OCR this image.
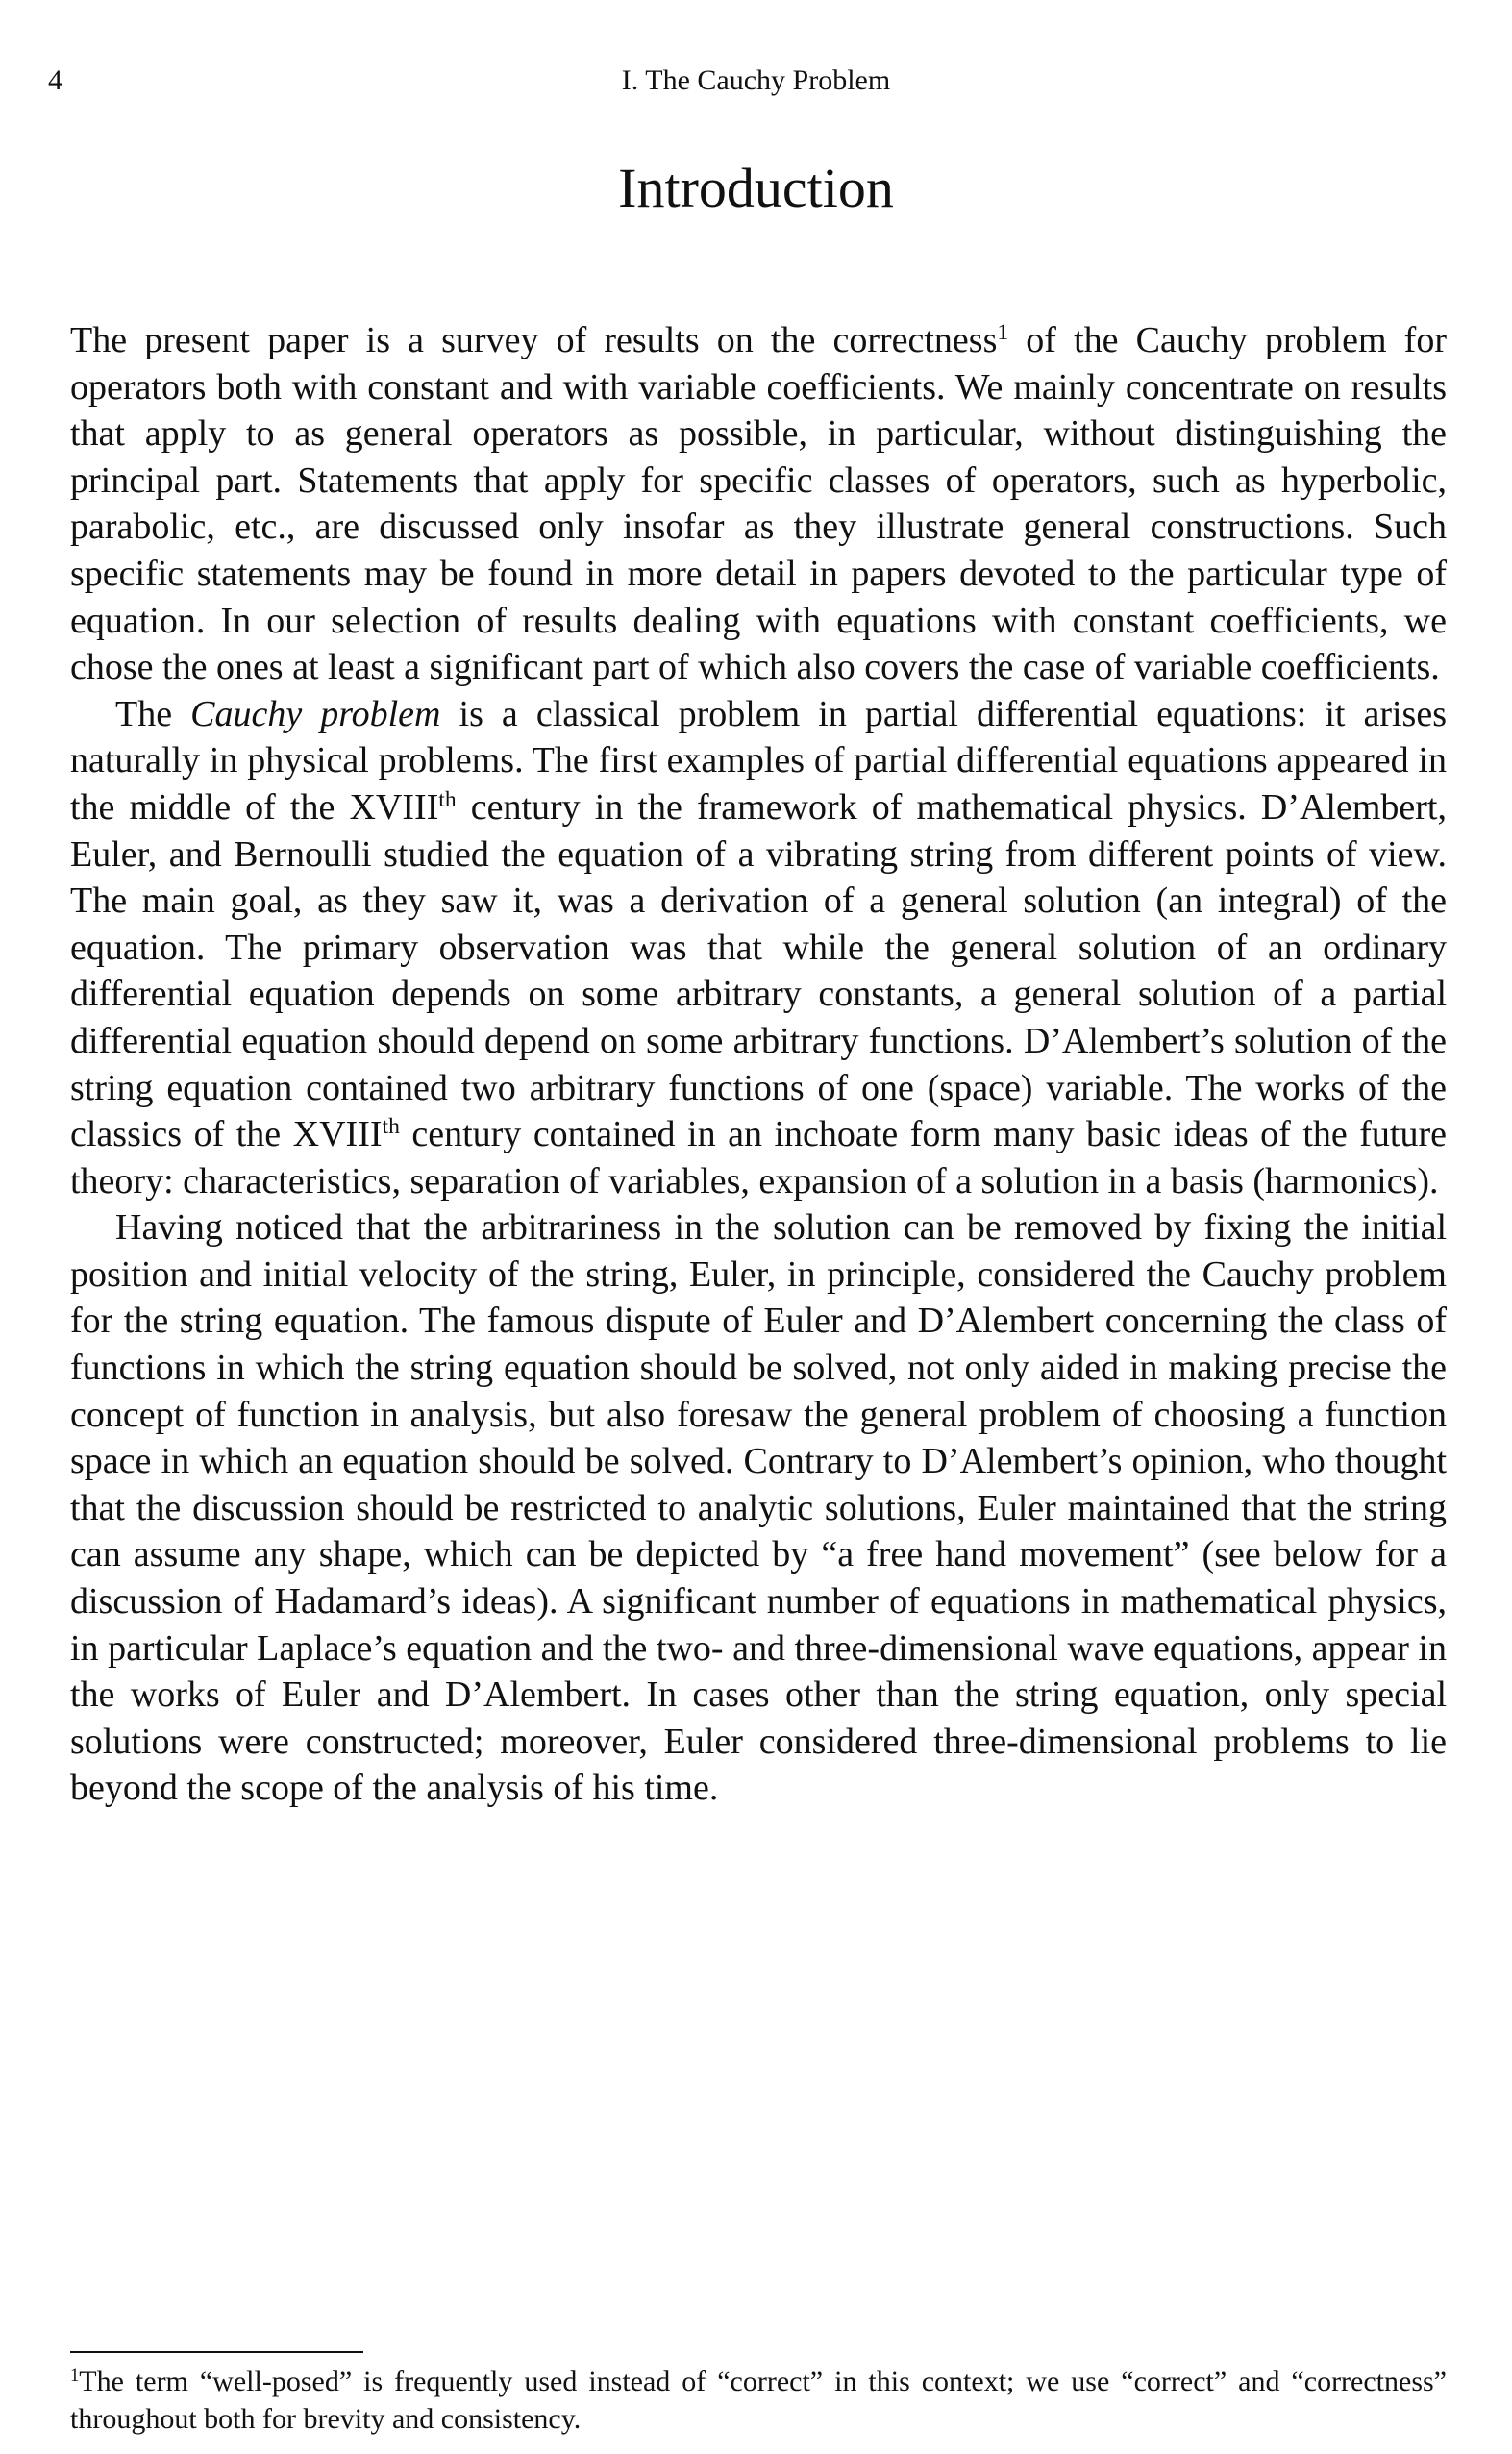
4	I. The Cauchy Problem
Introduction

The present paper is a survey of results on the correctness$^1$ of the Cauchy problem for operators both with constant and with variable coefficients. We mainly concentrate on results that apply to as general operators as possible, in particular, without distinguishing the principal part. Statements that apply for specific classes of operators, such as hyperbolic, parabolic, etc., are discussed only insofar as they illustrate general constructions. Such specific statements may be found in more detail in papers devoted to the particular type of equation. In our selection of results dealing with equations with constant coefficients, we chose the ones at least a significant part of which also covers the case of variable coefficients.

The Cauchy problem is a classical problem in partial differential equations: it arises naturally in physical problems. The first examples of partial differential equations appeared in the middle of the XVIIIth century in the framework of mathematical physics. D’Alembert, Euler, and Bernoulli studied the equation of a vibrating string from different points of view. The main goal, as they saw it, was a derivation of a general solution (an integral) of the equation. The primary observation was that while the general solution of an ordinary differential equation depends on some arbitrary constants, a general solution of a partial differential equation should depend on some arbitrary functions. D’Alembert’s solution of the string equation contained two arbitrary functions of one (space) variable. The works of the classics of the XVIIIth century contained in an inchoate form many basic ideas of the future theory: characteristics, separation of variables, expansion of a solution in a basis (harmonics).

Having noticed that the arbitrariness in the solution can be removed by fixing the initial position and initial velocity of the string, Euler, in principle, considered the Cauchy problem for the string equation. The famous dispute of Euler and D’Alembert concerning the class of functions in which the string equation should be solved, not only aided in making precise the concept of function in analysis, but also foresaw the general problem of choosing a function space in which an equation should be solved. Contrary to D’Alembert’s opinion, who thought that the discussion should be restricted to analytic solutions, Euler maintained that the string can assume any shape, which can be depicted by “a free hand movement” (see below for a discussion of Hadamard’s ideas). A significant number of equations in mathematical physics, in particular Laplace’s equation and the two- and three-dimensional wave equations, appear in the works of Euler and D’Alembert. In cases other than the string equation, only special solutions were constructed; moreover, Euler considered three-dimensional problems to lie beyond the scope of the analysis of his time.

$^1$The term “well-posed” is frequently used instead of “correct” in this context; we use “correct” and “correctness” throughout both for brevity and consistency.
